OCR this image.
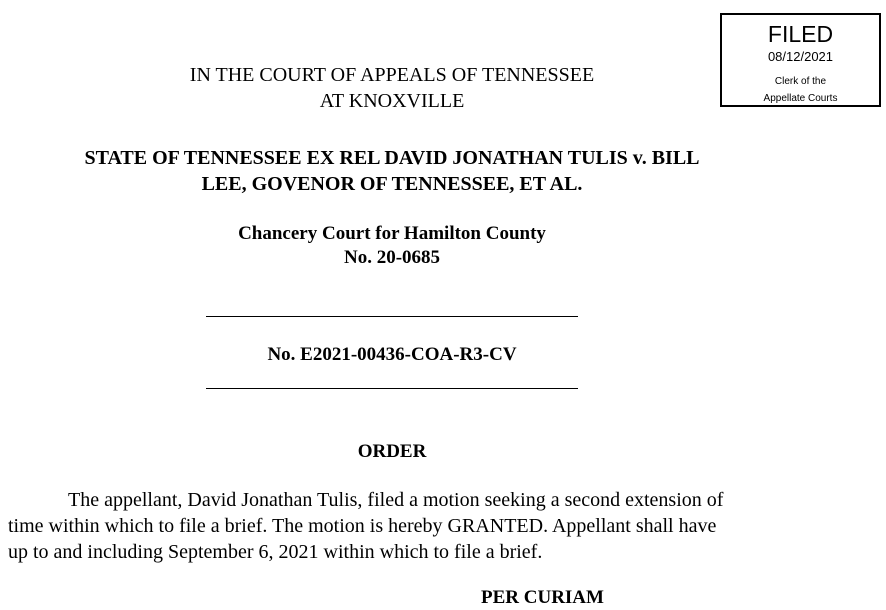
FILED
08/12/2021
Clerk of the
Appellate Courts
IN THE COURT OF APPEALS OF TENNESSEE
AT KNOXVILLE
STATE OF TENNESSEE EX REL DAVID JONATHAN TULIS v. BILL
LEE, GOVENOR OF TENNESSEE, ET AL.
Chancery Court for Hamilton County
No. 20-0685
No. E2021-00436-COA-R3-CV
ORDER
The appellant, David Jonathan Tulis, filed a motion seeking a second extension of
time within which to file a brief. The motion is hereby GRANTED. Appellant shall have
up to and including September 6, 2021 within which to file a brief.
PER CURIAM
